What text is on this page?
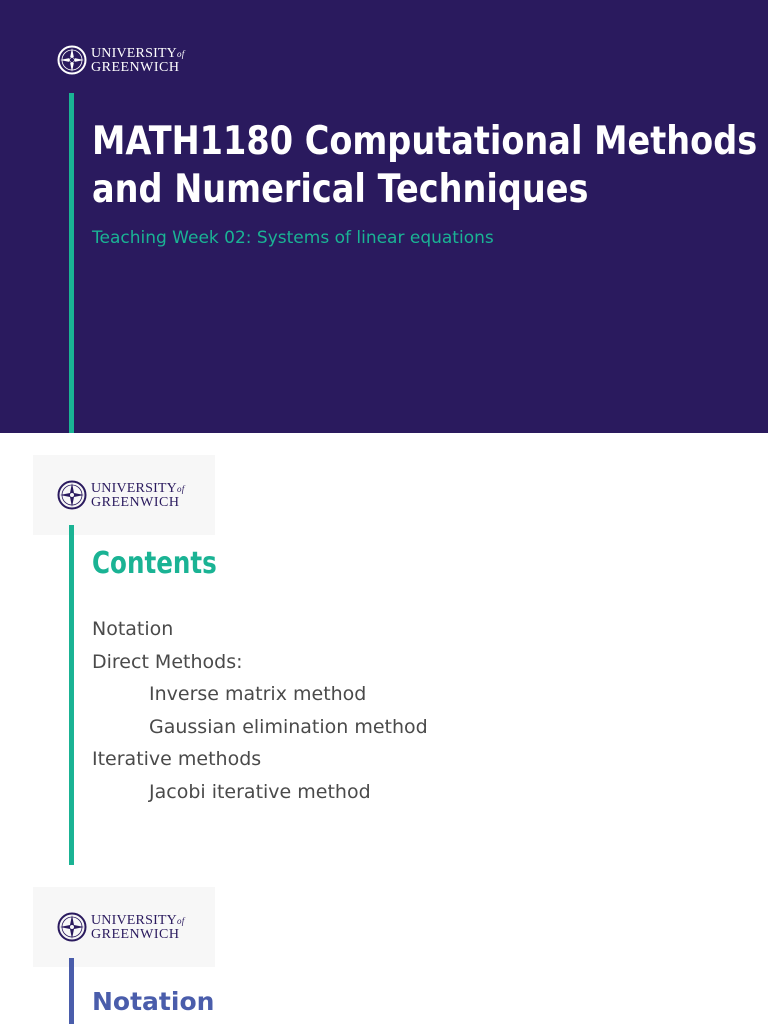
UNIVERSITYof
GREENWICH
MATH1180 Computational Methods
and Numerical Techniques
Teaching Week 02: Systems of linear equations
UNIVERSITYof
GREENWICH
Contents
Notation
Direct Methods:
Inverse matrix method
Gaussian elimination method
Iterative methods
Jacobi iterative method
UNIVERSITYof
GREENWICH
Notation
